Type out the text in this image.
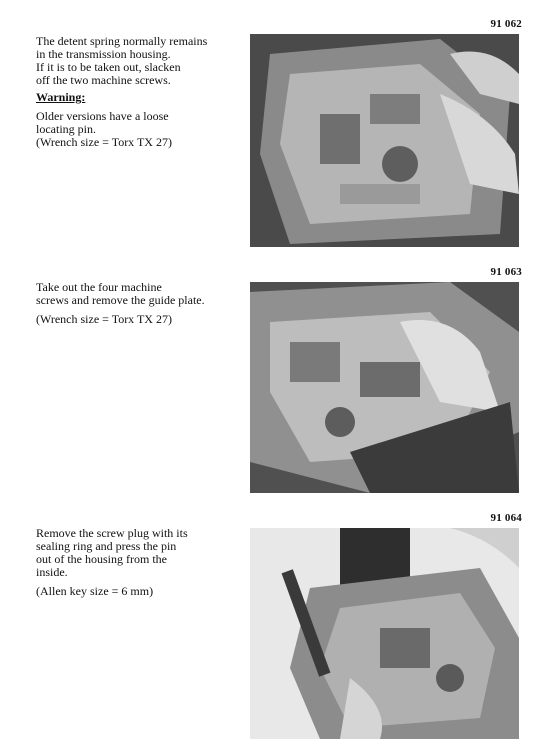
91 062

The detent spring normally remains

in the transmission housing.

If it is to be taken out, slacken

off the two machine screws.

Warning:

Older versions have a loose

locating pin.

(Wrench size = Torx TX 27)

91 063

Take out the four machine

screws and remove the guide plate.

(Wrench size = Torx TX 27)

91 064

Remove the screw plug with its

sealing ring and press the pin

out of the housing from the

inside.

(Allen key size = 6 mm)
